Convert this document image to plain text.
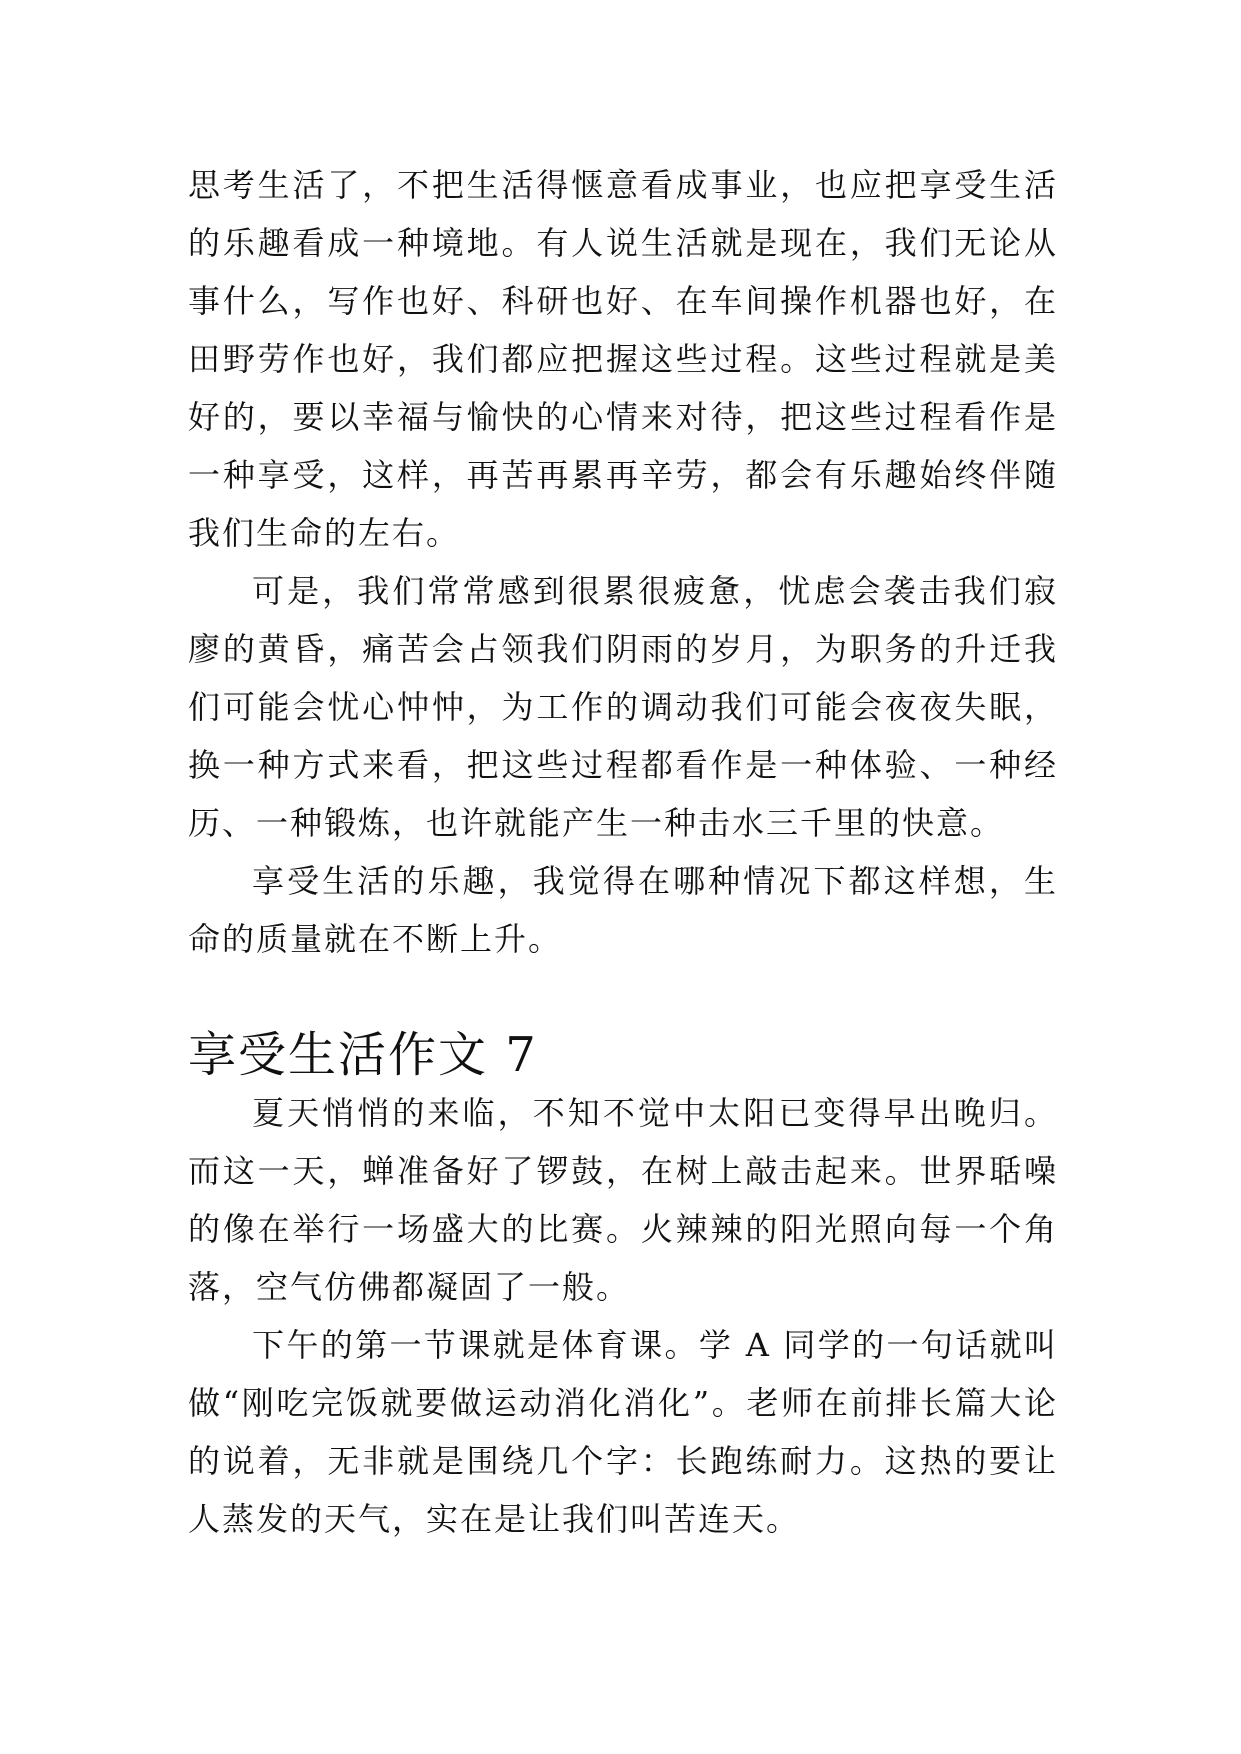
思考生活了，不把生活得惬意看成事业，也应把享受生活的乐趣看成一种境地。有人说生活就是现在，我们无论从事什么，写作也好、科研也好、在车间操作机器也好，在田野劳作也好，我们都应把握这些过程。这些过程就是美好的，要以幸福与愉快的心情来对待，把这些过程看作是一种享受，这样，再苦再累再辛劳，都会有乐趣始终伴随我们生命的左右。

可是，我们常常感到很累很疲惫，忧虑会袭击我们寂廖的黄昏，痛苦会占领我们阴雨的岁月，为职务的升迁我们可能会忧心忡忡，为工作的调动我们可能会夜夜失眠，换一种方式来看，把这些过程都看作是一种体验、一种经历、一种锻炼，也许就能产生一种击水三千里的快意。

享受生活的乐趣，我觉得在哪种情况下都这样想，生命的质量就在不断上升。

享受生活作文 7

夏天悄悄的来临，不知不觉中太阳已变得早出晚归。而这一天，蝉准备好了锣鼓，在树上敲击起来。世界聒噪的像在举行一场盛大的比赛。火辣辣的阳光照向每一个角落，空气仿佛都凝固了一般。

下午的第一节课就是体育课。学 A 同学的一句话就叫做“刚吃完饭就要做运动消化消化”。老师在前排长篇大论的说着，无非就是围绕几个字：长跑练耐力。这热的要让人蒸发的天气，实在是让我们叫苦连天。
